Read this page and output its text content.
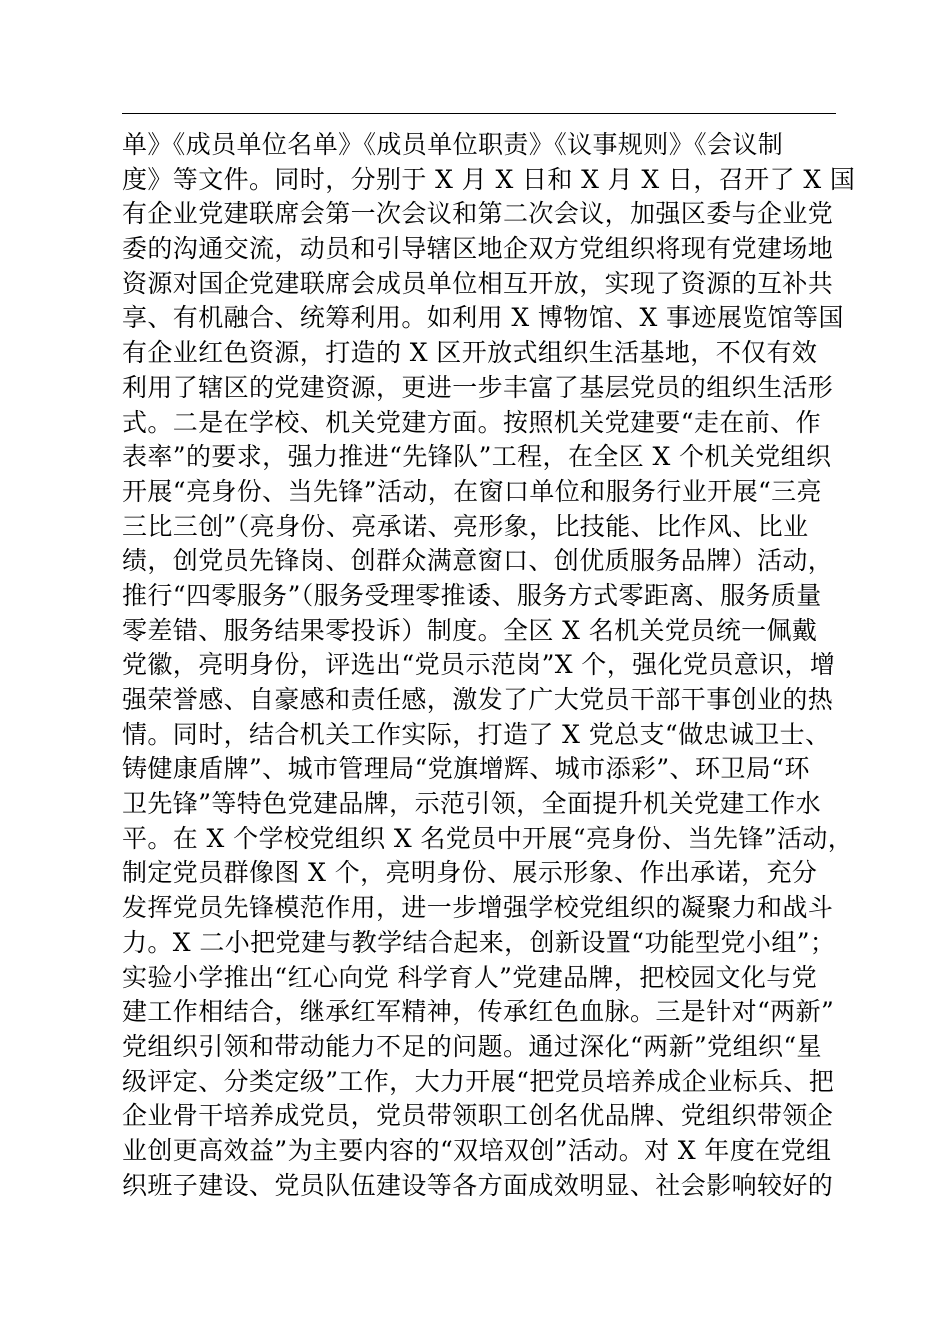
单》《成员单位名单》《成员单位职责》《议事规则》《会议制
度》等文件。同时，分别于 X 月 X 日和 X 月 X 日，召开了 X 国
有企业党建联席会第一次会议和第二次会议，加强区委与企业党
委的沟通交流，动员和引导辖区地企双方党组织将现有党建场地
资源对国企党建联席会成员单位相互开放，实现了资源的互补共
享、有机融合、统筹利用。如利用 X 博物馆、X 事迹展览馆等国
有企业红色资源，打造的 X 区开放式组织生活基地，不仅有效
利用了辖区的党建资源，更进一步丰富了基层党员的组织生活形
式。二是在学校、机关党建方面。按照机关党建要“走在前、作
表率”的要求，强力推进“先锋队”工程，在全区 X 个机关党组织
开展“亮身份、当先锋”活动，在窗口单位和服务行业开展“三亮
三比三创”（亮身份、亮承诺、亮形象，比技能、比作风、比业
绩，创党员先锋岗、创群众满意窗口、创优质服务品牌）活动，
推行“四零服务”（服务受理零推诿、服务方式零距离、服务质量
零差错、服务结果零投诉）制度。全区 X 名机关党员统一佩戴
党徽，亮明身份，评选出“党员示范岗”X 个，强化党员意识，增
强荣誉感、自豪感和责任感，激发了广大党员干部干事创业的热
情。同时，结合机关工作实际，打造了 X 党总支“做忠诚卫士、
铸健康盾牌”、城市管理局“党旗增辉、城市添彩”、环卫局“环
卫先锋”等特色党建品牌，示范引领，全面提升机关党建工作水
平。在 X 个学校党组织 X 名党员中开展“亮身份、当先锋”活动，
制定党员群像图 X 个，亮明身份、展示形象、作出承诺，充分
发挥党员先锋模范作用，进一步增强学校党组织的凝聚力和战斗
力。X 二小把党建与教学结合起来，创新设置“功能型党小组”；
实验小学推出“红心向党 科学育人”党建品牌，把校园文化与党
建工作相结合，继承红军精神，传承红色血脉。三是针对“两新”
党组织引领和带动能力不足的问题。通过深化“两新”党组织“星
级评定、分类定级”工作，大力开展“把党员培养成企业标兵、把
企业骨干培养成党员，党员带领职工创名优品牌、党组织带领企
业创更高效益”为主要内容的“双培双创”活动。对 X 年度在党组
织班子建设、党员队伍建设等各方面成效明显、社会影响较好的
